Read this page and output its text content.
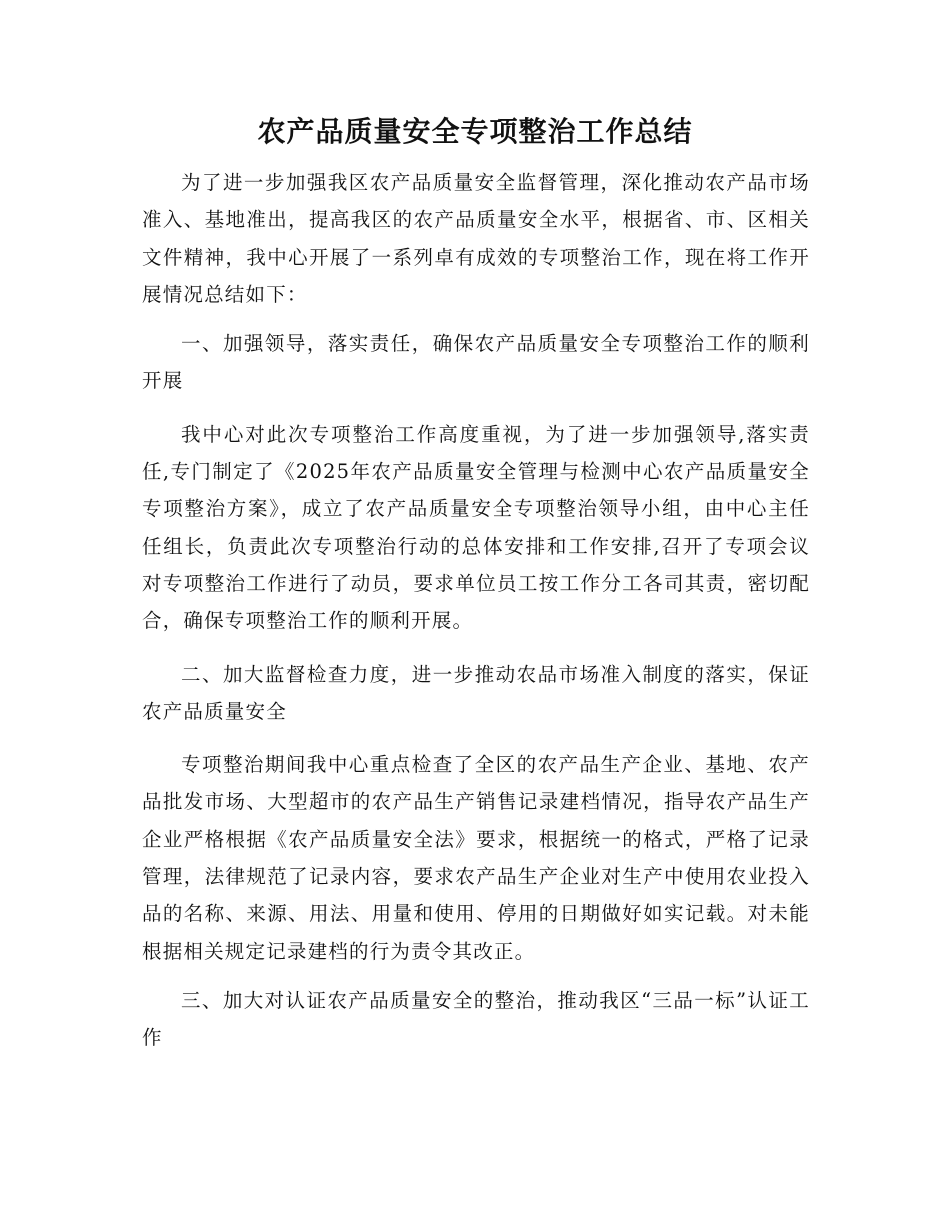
农产品质量安全专项整治工作总结

为了进一步加强我区农产品质量安全监督管理，深化推动农产品市场准入、基地准出，提高我区的农产品质量安全水平，根据省、市、区相关文件精神，我中心开展了一系列卓有成效的专项整治工作，现在将工作开展情况总结如下：

一、加强领导，落实责任，确保农产品质量安全专项整治工作的顺利开展

我中心对此次专项整治工作高度重视，为了进一步加强领导,落实责任,专门制定了《2025年农产品质量安全管理与检测中心农产品质量安全专项整治方案》，成立了农产品质量安全专项整治领导小组，由中心主任任组长，负责此次专项整治行动的总体安排和工作安排,召开了专项会议对专项整治工作进行了动员，要求单位员工按工作分工各司其责，密切配合，确保专项整治工作的顺利开展。

二、加大监督检查力度，进一步推动农品市场准入制度的落实，保证农产品质量安全

专项整治期间我中心重点检查了全区的农产品生产企业、基地、农产品批发市场、大型超市的农产品生产销售记录建档情况，指导农产品生产企业严格根据《农产品质量安全法》要求，根据统一的格式，严格了记录管理，法律规范了记录内容，要求农产品生产企业对生产中使用农业投入品的名称、来源、用法、用量和使用、停用的日期做好如实记载。对未能根据相关规定记录建档的行为责令其改正。

三、加大对认证农产品质量安全的整治，推动我区“三品一标”认证工作
